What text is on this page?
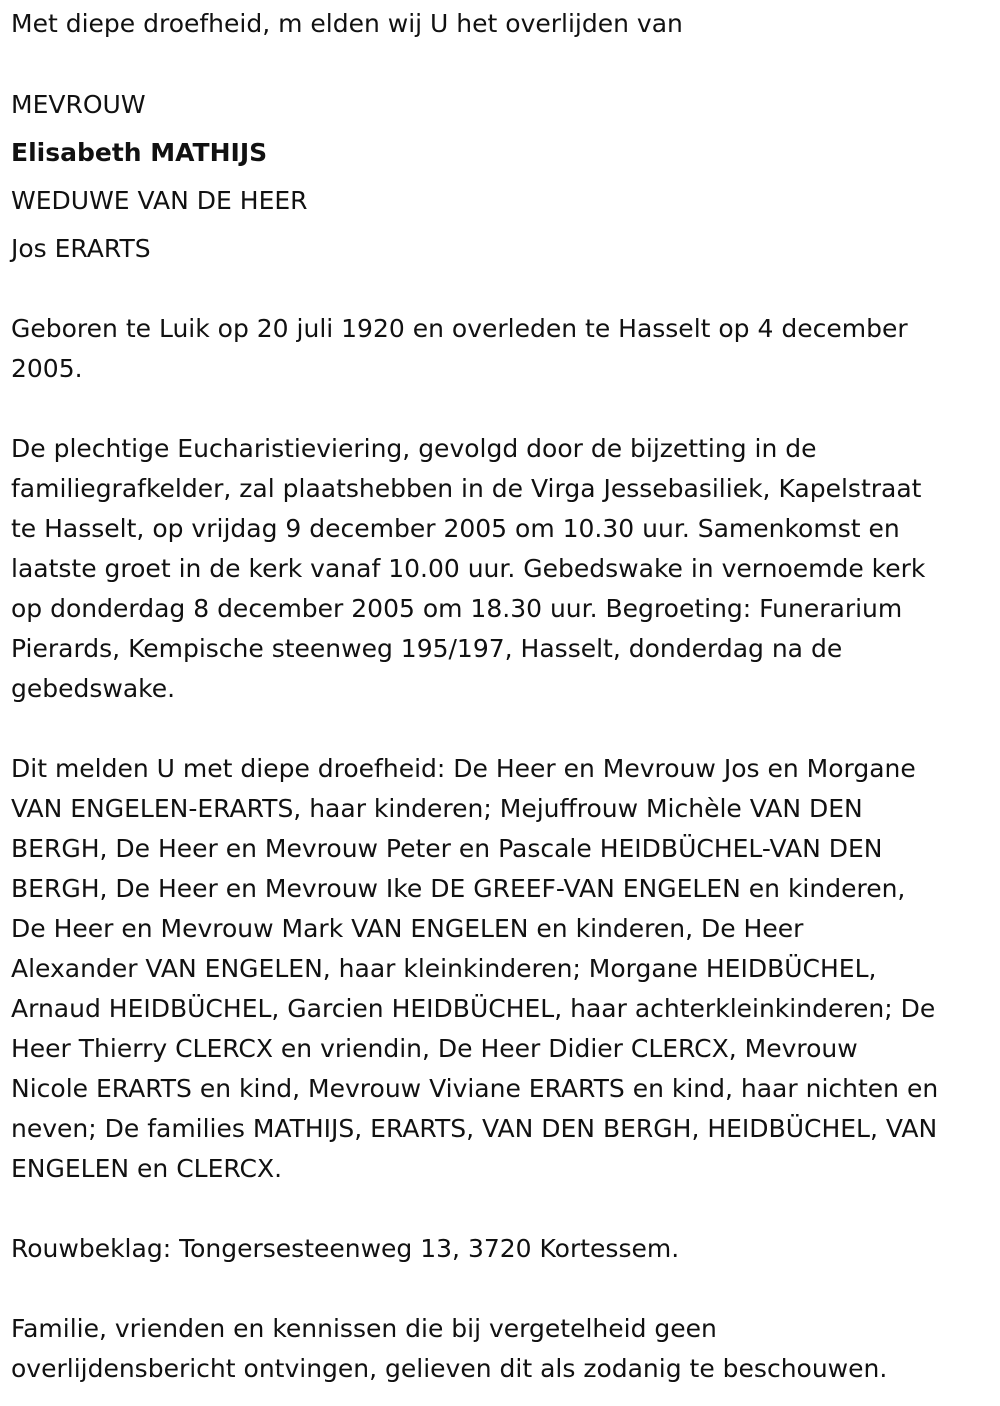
Met diepe droefheid, m elden wij U het overlijden van
MEVROUW
Elisabeth MATHIJS
WEDUWE VAN DE HEER
Jos ERARTS
Geboren te Luik op 20 juli 1920 en overleden te Hasselt op 4 december
2005.
De plechtige Eucharistieviering, gevolgd door de bijzetting in de
familiegrafkelder, zal plaatshebben in de Virga Jessebasiliek, Kapelstraat
te Hasselt, op vrijdag 9 december 2005 om 10.30 uur. Samenkomst en
laatste groet in de kerk vanaf 10.00 uur. Gebedswake in vernoemde kerk
op donderdag 8 december 2005 om 18.30 uur. Begroeting: Funerarium
Pierards, Kempische steenweg 195/197, Hasselt, donderdag na de
gebedswake.
Dit melden U met diepe droefheid: De Heer en Mevrouw Jos en Morgane
VAN ENGELEN-ERARTS, haar kinderen; Mejuffrouw Michèle VAN DEN
BERGH, De Heer en Mevrouw Peter en Pascale HEIDBÜCHEL-VAN DEN
BERGH, De Heer en Mevrouw Ike DE GREEF-VAN ENGELEN en kinderen,
De Heer en Mevrouw Mark VAN ENGELEN en kinderen, De Heer
Alexander VAN ENGELEN, haar kleinkinderen; Morgane HEIDBÜCHEL,
Arnaud HEIDBÜCHEL, Garcien HEIDBÜCHEL, haar achterkleinkinderen; De
Heer Thierry CLERCX en vriendin, De Heer Didier CLERCX, Mevrouw
Nicole ERARTS en kind, Mevrouw Viviane ERARTS en kind, haar nichten en
neven; De families MATHIJS, ERARTS, VAN DEN BERGH, HEIDBÜCHEL, VAN
ENGELEN en CLERCX.
Rouwbeklag: Tongersesteenweg 13, 3720 Kortessem.
Familie, vrienden en kennissen die bij vergetelheid geen
overlijdensbericht ontvingen, gelieven dit als zodanig te beschouwen.
